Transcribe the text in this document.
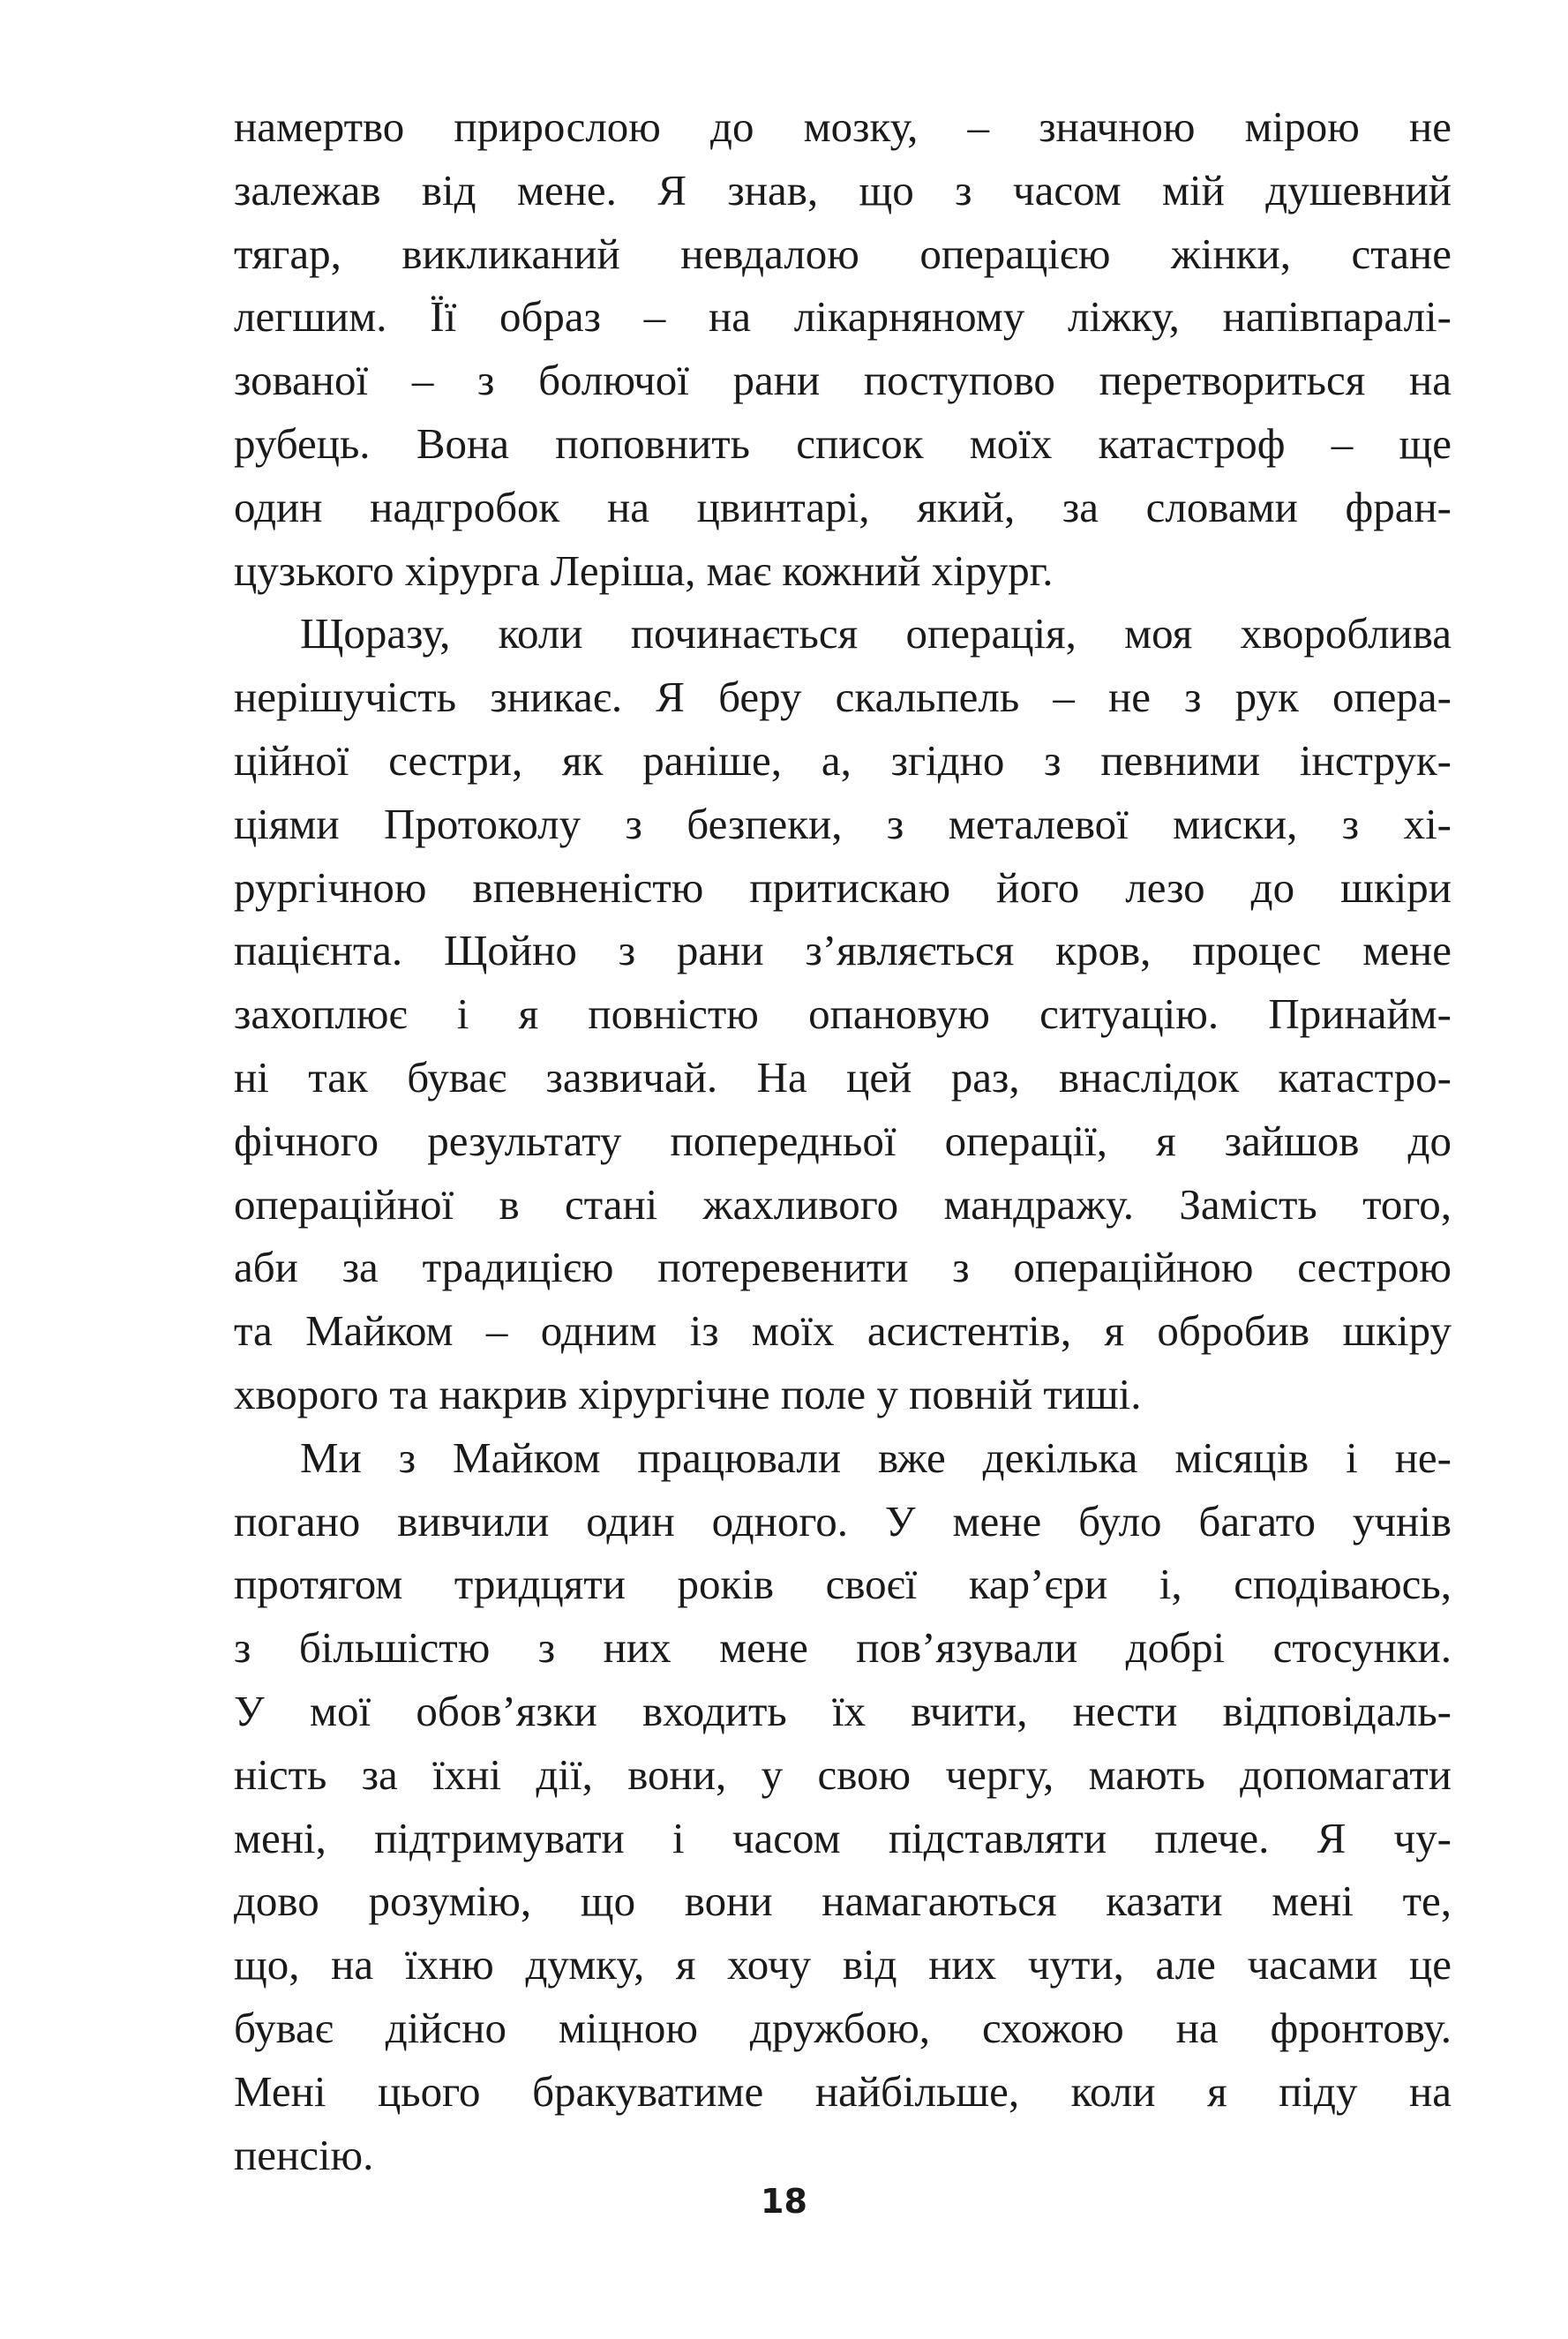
намертво прирослою до мозку, – значною мірою не
залежав від мене. Я знав, що з часом мій душевний
тягар, викликаний невдалою операцією жінки, стане
легшим. Її образ – на лікарняному ліжку, напівпаралі-
зованої – з болючої рани поступово перетвориться на
рубець. Вона поповнить список моїх катастроф – ще
один надгробок на цвинтарі, який, за словами фран-
цузького хірурга Леріша, має кожний хірург.
Щоразу, коли починається операція, моя хвороблива
нерішучість зникає. Я беру скальпель – не з рук опера-
ційної сестри, як раніше, а, згідно з певними інструк-
ціями Протоколу з безпеки, з металевої миски, з хі-
рургічною впевненістю притискаю його лезо до шкіри
пацієнта. Щойно з рани з’являється кров, процес мене
захоплює і я повністю опановую ситуацію. Принайм-
ні так буває зазвичай. На цей раз, внаслідок катастро-
фічного результату попередньої операції, я зайшов до
операційної в стані жахливого мандражу. Замість того,
аби за традицією потеревенити з операційною сестрою
та Майком – одним із моїх асистентів, я обробив шкіру
хворого та накрив хірургічне поле у повній тиші.
Ми з Майком працювали вже декілька місяців і не-
погано вивчили один одного. У мене було багато учнів
протягом тридцяти років своєї кар’єри і, сподіваюсь,
з більшістю з них мене пов’язували добрі стосунки.
У мої обов’язки входить їх вчити, нести відповідаль-
ність за їхні дії, вони, у свою чергу, мають допомагати
мені, підтримувати і часом підставляти плече. Я чу-
дово розумію, що вони намагаються казати мені те,
що, на їхню думку, я хочу від них чути, але часами це
буває дійсно міцною дружбою, схожою на фронтову.
Мені цього бракуватиме найбільше, коли я піду на
пенсію.
18
